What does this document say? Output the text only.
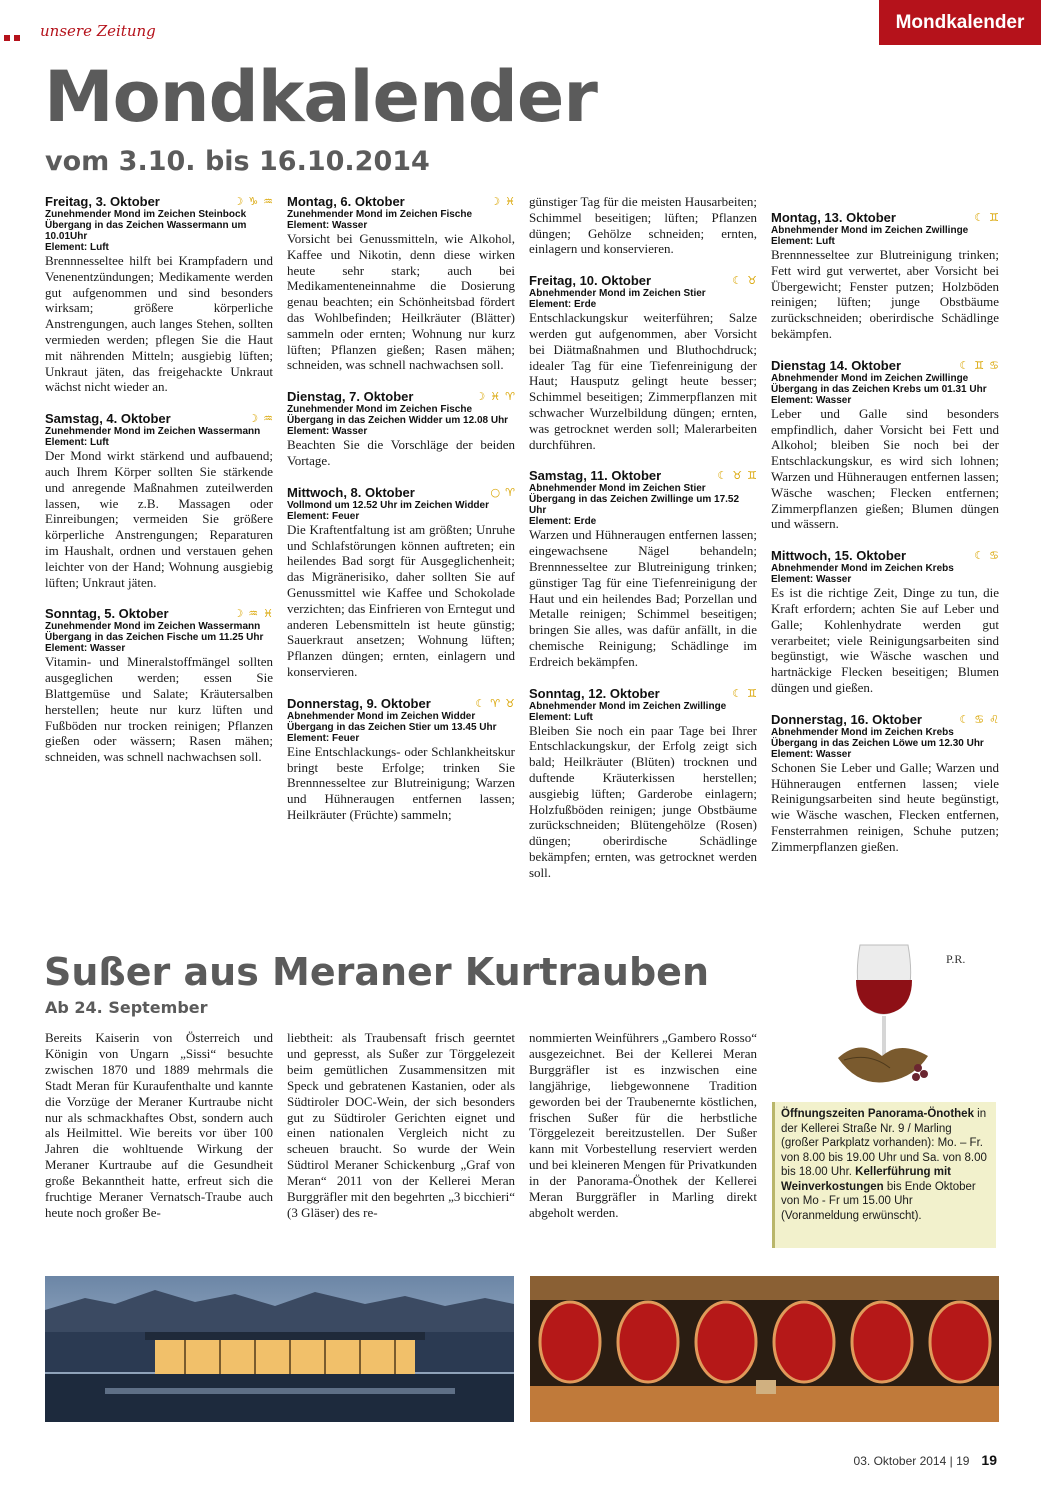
unsere Zeitung	Mondkalender
Mondkalender
vom 3.10. bis 16.10.2014
Freitag, 3. Oktober	☽ ♑ ♒
Zunehmender Mond im Zeichen Steinbock
Übergang in das Zeichen Wassermann um 10.01Uhr
Element: Luft
Brennnesseltee hilft bei Krampfadern und Venenentzündungen; Medikamente werden gut aufgenommen und sind besonders wirksam; größere körperliche Anstrengungen, auch langes Stehen, sollten vermieden werden; pflegen Sie die Haut mit nährenden Mitteln; ausgiebig lüften; Unkraut jäten, das freigehackte Unkraut wächst nicht wieder an.
Samstag, 4. Oktober	☽ ♒
Zunehmender Mond im Zeichen Wassermann
Element: Luft
Der Mond wirkt stärkend und aufbauend; auch Ihrem Körper sollten Sie stärkende und anregende Maßnahmen zuteilwerden lassen, wie z.B. Massagen oder Einreibungen; vermeiden Sie größere körperliche Anstrengungen; Reparaturen im Haushalt, ordnen und verstauen gehen leichter von der Hand; Wohnung ausgiebig lüften; Unkraut jäten.
Sonntag, 5. Oktober	☽ ♒ ♓
Zunehmender Mond im Zeichen Wassermann
Übergang in das Zeichen Fische um 11.25 Uhr
Element: Wasser
Vitamin- und Mineralstoffmängel sollten ausgeglichen werden; essen Sie Blattgemüse und Salate; Kräutersalben herstellen; heute nur kurz lüften und Fußböden nur trocken reinigen; Pflanzen gießen oder wässern; Rasen mähen; schneiden, was schnell nachwachsen soll.
Montag, 6. Oktober	☽ ♓
Zunehmender Mond im Zeichen Fische
Element: Wasser
Vorsicht bei Genussmitteln, wie Alkohol, Kaffee und Nikotin, denn diese wirken heute sehr stark; auch bei Medikamenteneinnahme die Dosierung genau beachten; ein Schönheitsbad fördert das Wohlbefinden; Heilkräuter (Blätter) sammeln oder ernten; Wohnung nur kurz lüften; Pflanzen gießen; Rasen mähen; schneiden, was schnell nachwachsen soll.
Dienstag, 7. Oktober	☽ ♓ ♈
Zunehmender Mond im Zeichen Fische
Übergang in das Zeichen Widder um 12.08 Uhr
Element: Wasser
Beachten Sie die Vorschläge der beiden Vortage.
Mittwoch, 8. Oktober	○ ♈
Vollmond um 12.52 Uhr im Zeichen Widder
Element: Feuer
Die Kraftentfaltung ist am größten; Unruhe und Schlafstörungen können auftreten; ein heilendes Bad sorgt für Ausgeglichenheit; das Migränerisiko, daher sollten Sie auf Genussmittel wie Kaffee und Schokolade verzichten; das Einfrieren von Erntegut und anderen Lebensmitteln ist heute günstig; Sauerkraut ansetzen; Wohnung lüften; Pflanzen düngen; ernten, einlagern und konservieren.
Donnerstag, 9. Oktober	☾ ♈ ♉
Abnehmender Mond im Zeichen Widder
Übergang in das Zeichen Stier um 13.45 Uhr
Element: Feuer
Eine Entschlackungs- oder Schlankheitskur bringt beste Erfolge; trinken Sie Brennnesseltee zur Blutreinigung; Warzen und Hühneraugen entfernen lassen; Heilkräuter (Früchte) sammeln;
günstiger Tag für die meisten Hausarbeiten; Schimmel beseitigen; lüften; Pflanzen düngen; Gehölze schneiden; ernten, einlagern und konservieren.
Freitag, 10. Oktober	☾ ♉
Abnehmender Mond im Zeichen Stier
Element: Erde
Entschlackungskur weiterführen; Salze werden gut aufgenommen, aber Vorsicht bei Diätmaßnahmen und Bluthochdruck; idealer Tag für eine Tiefenreinigung der Haut; Hausputz gelingt heute besser; Schimmel beseitigen; Zimmerpflanzen mit schwacher Wurzelbildung düngen; ernten, was getrocknet werden soll; Malerarbeiten durchführen.
Samstag, 11. Oktober	☾ ♉ ♊
Abnehmender Mond im Zeichen Stier
Übergang in das Zeichen Zwillinge um 17.52 Uhr
Element: Erde
Warzen und Hühneraugen entfernen lassen; eingewachsene Nägel behandeln; Brennnesseltee zur Blutreinigung trinken; günstiger Tag für eine Tiefenreinigung der Haut und ein heilendes Bad; Porzellan und Metalle reinigen; Schimmel beseitigen; bringen Sie alles, was dafür anfällt, in die chemische Reinigung; Schädlinge im Erdreich bekämpfen.
Sonntag, 12. Oktober	☾ ♊
Abnehmender Mond im Zeichen Zwillinge
Element: Luft
Bleiben Sie noch ein paar Tage bei Ihrer Entschlackungskur, der Erfolg zeigt sich bald; Heilkräuter (Blüten) trocknen und duftende Kräuterkissen herstellen; ausgiebig lüften; Garderobe einlagern; Holzfußböden reinigen; junge Obstbäume zurückschneiden; Blütengehölze (Rosen) düngen; oberirdische Schädlinge bekämpfen; ernten, was getrocknet werden soll.
Montag, 13. Oktober	☾ ♊
Abnehmender Mond im Zeichen Zwillinge
Element: Luft
Brennnesseltee zur Blutreinigung trinken; Fett wird gut verwertet, aber Vorsicht bei Übergewicht; Fenster putzen; Holzböden reinigen; lüften; junge Obstbäume zurückschneiden; oberirdische Schädlinge bekämpfen.
Dienstag 14. Oktober	☾ ♊ ♋
Abnehmender Mond im Zeichen Zwillinge
Übergang in das Zeichen Krebs um 01.31 Uhr
Element: Wasser
Leber und Galle sind besonders empfindlich, daher Vorsicht bei Fett und Alkohol; bleiben Sie noch bei der Entschlackungskur, es wird sich lohnen; Warzen und Hühneraugen entfernen lassen; Wäsche waschen; Flecken entfernen; Zimmerpflanzen gießen; Blumen düngen und wässern.
Mittwoch, 15. Oktober	☾ ♋
Abnehmender Mond im Zeichen Krebs
Element: Wasser
Es ist die richtige Zeit, Dinge zu tun, die Kraft erfordern; achten Sie auf Leber und Galle; Kohlenhydrate werden gut verarbeitet; viele Reinigungsarbeiten sind begünstigt, wie Wäsche waschen und hartnäckige Flecken beseitigen; Blumen düngen und gießen.
Donnerstag, 16. Oktober	☾ ♋ ♌
Abnehmender Mond im Zeichen Krebs
Übergang in das Zeichen Löwe um 12.30 Uhr
Element: Wasser
Schonen Sie Leber und Galle; Warzen und Hühneraugen entfernen lassen; viele Reinigungsarbeiten sind heute begünstigt, wie Wäsche waschen, Flecken entfernen, Fensterrahmen reinigen, Schuhe putzen; Zimmerpflanzen gießen.
Sußer aus Meraner Kurtrauben
Ab 24. September
P.R.
Bereits Kaiserin von Österreich und Königin von Ungarn „Sissi“ besuchte zwischen 1870 und 1889 mehrmals die Stadt Meran für Kuraufenthalte und kannte die Vorzüge der Meraner Kurtraube nicht nur als schmackhaftes Obst, sondern auch als Heilmittel. Wie bereits vor über 100 Jahren die wohltuende Wirkung der Meraner Kurtraube auf die Gesundheit große Bekanntheit hatte, erfreut sich die fruchtige Meraner Vernatsch-Traube auch heute noch großer Be-
liebtheit: als Traubensaft frisch geerntet und gepresst, als Sußer zur Törggelezeit beim gemütlichen Zusammensitzen mit Speck und gebratenen Kastanien, oder als Südtiroler DOC-Wein, der sich besonders gut zu Südtiroler Gerichten eignet und einen nationalen Vergleich nicht zu scheuen braucht. So wurde der Wein Südtirol Meraner Schickenburg „Graf von Meran“ 2011 von der Kellerei Meran Burggräfler mit den begehrten „3 bicchieri“ (3 Gläser) des re-
nommierten Weinführers „Gambero Rosso“ ausgezeichnet. Bei der Kellerei Meran Burggräfler ist es inzwischen eine langjährige, liebgewonnene Tradition geworden bei der Traubenernte köstlichen, frischen Sußer für die herbstliche Törggelezeit bereitzustellen. Der Sußer kann mit Vorbestellung reserviert werden und bei kleineren Mengen für Privatkunden in der Panorama-Önothek der Kellerei Meran Burggräfler in Marling direkt abgeholt werden.
Öffnungszeiten Panorama-Önothek in der Kellerei Straße Nr. 9 / Marling (großer Parkplatz vorhanden): Mo. – Fr. von 8.00 bis 19.00 Uhr und Sa. von 8.00 bis 18.00 Uhr. Kellerführung mit Weinverkostungen bis Ende Oktober von Mo - Fr um 15.00 Uhr (Voranmeldung erwünscht).
03. Oktober 2014 | 19 19
